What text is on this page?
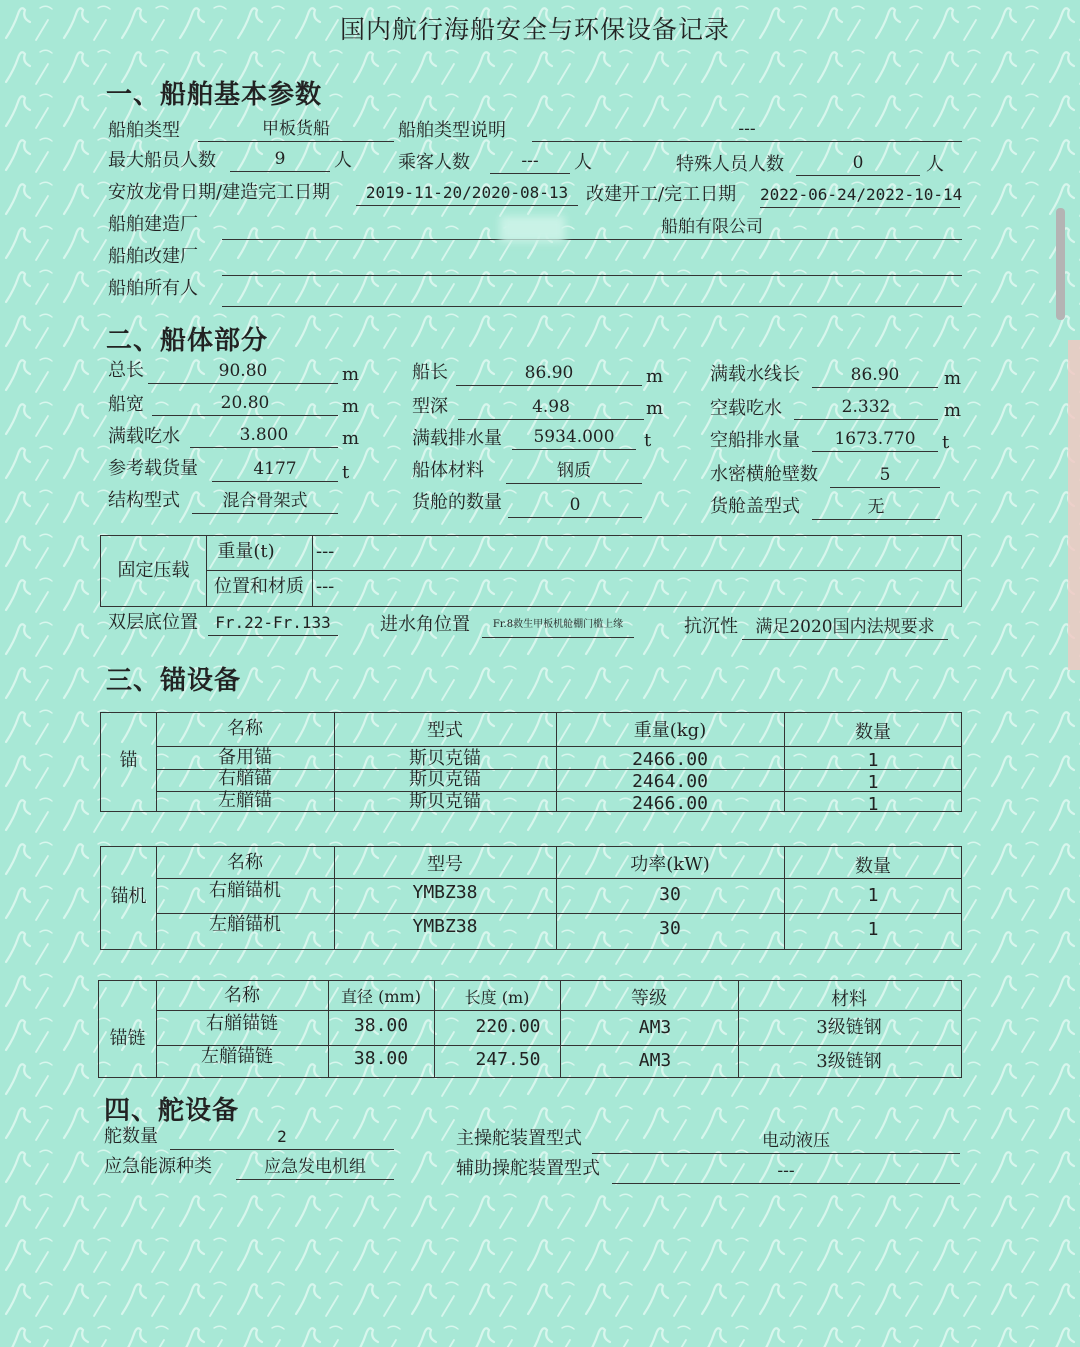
国内航行海船安全与环保设备记录
一、船舶基本参数
船舶类型	甲板货船	船舶类型说明	---
最大船员人数	9	人	乘客人数	---	人	特殊人员人数	0	人
安放龙骨日期/建造完工日期	2019-11-20/2020-08-13 改建开工/完工日期 2022-06-24/2022-10-14
船舶建造厂	船舶有限公司
船舶改建厂
船舶所有人
二、船体部分
总长	90.80	m	船长	86.90	m	满载水线长	86.90	m
船宽	20.80	m	型深	4.98	m	空载吃水	2.332	m
满载吃水	3.800	m	满载排水量	5934.000	t	空船排水量	1673.770	t
参考载货量	4177	t	船体材料	钢质	水密横舱壁数	5
结构型式	混合骨架式	货舱的数量	0	货舱盖型式	无
固定压载
重量(t)	---
位置和材质 ---
双层底位置	Fr.22-Fr.133	进水角位置	Fr.8救生甲板机舱棚门槛上缘	抗沉性	满足2020国内法规要求
三、锚设备
锚
名称	型式	重量(kg)	数量
备用锚	斯贝克锚	2466.00	1
右艏锚	斯贝克锚	2464.00	1
左艏锚	斯贝克锚	2466.00	1
锚机
名称	型号	功率(kW)	数量
右艏锚机	YMBZ38	30	1
左艏锚机	YMBZ38	30	1
锚链
名称	直径 (mm)	长度 (m)	等级	材料
右艏锚链	38.00	220.00	AM3	3级链钢
左艏锚链	38.00	247.50	AM3	3级链钢
四、舵设备
舵数量	2	主操舵装置型式	电动液压
应急能源种类	应急发电机组	辅助操舵装置型式	---
